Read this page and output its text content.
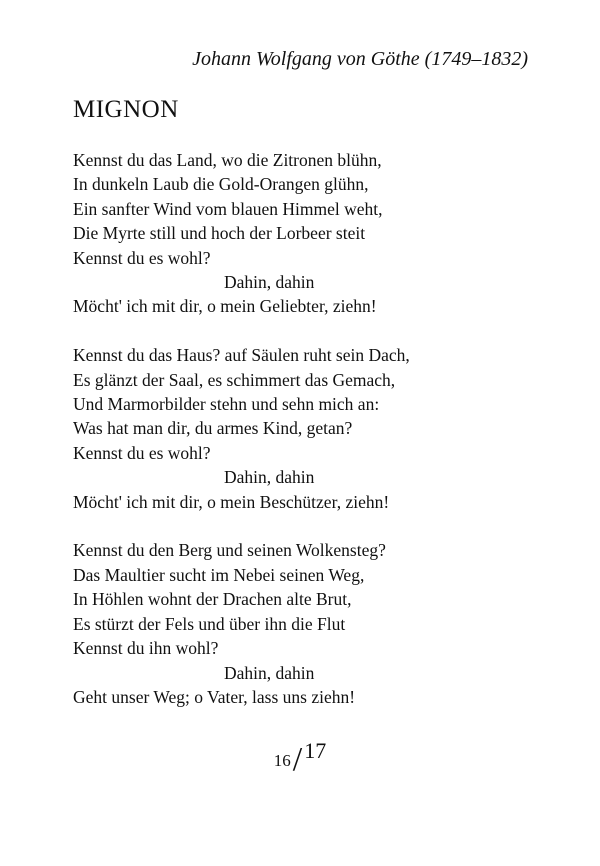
Johann Wolfgang von Göthe (1749–1832)
MIGNON
Kennst du das Land, wo die Zitronen blühn,
In dunkeln Laub die Gold-Orangen glühn,
Ein sanfter Wind vom blauen Himmel weht,
Die Myrte still und hoch der Lorbeer steit
Kennst du es wohl?
Dahin, dahin
Möcht' ich mit dir, o mein Geliebter, ziehn!
Kennst du das Haus? auf Säulen ruht sein Dach,
Es glänzt der Saal, es schimmert das Gemach,
Und Marmorbilder stehn und sehn mich an:
Was hat man dir, du armes Kind, getan?
Kennst du es wohl?
Dahin, dahin
Möcht' ich mit dir, o mein Beschützer, ziehn!
Kennst du den Berg und seinen Wolkensteg?
Das Maultier sucht im Nebei seinen Weg,
In Höhlen wohnt der Drachen alte Brut,
Es stürzt der Fels und über ihn die Flut
Kennst du ihn wohl?
Dahin, dahin
Geht unser Weg; o Vater, lass uns ziehn!
16/17
